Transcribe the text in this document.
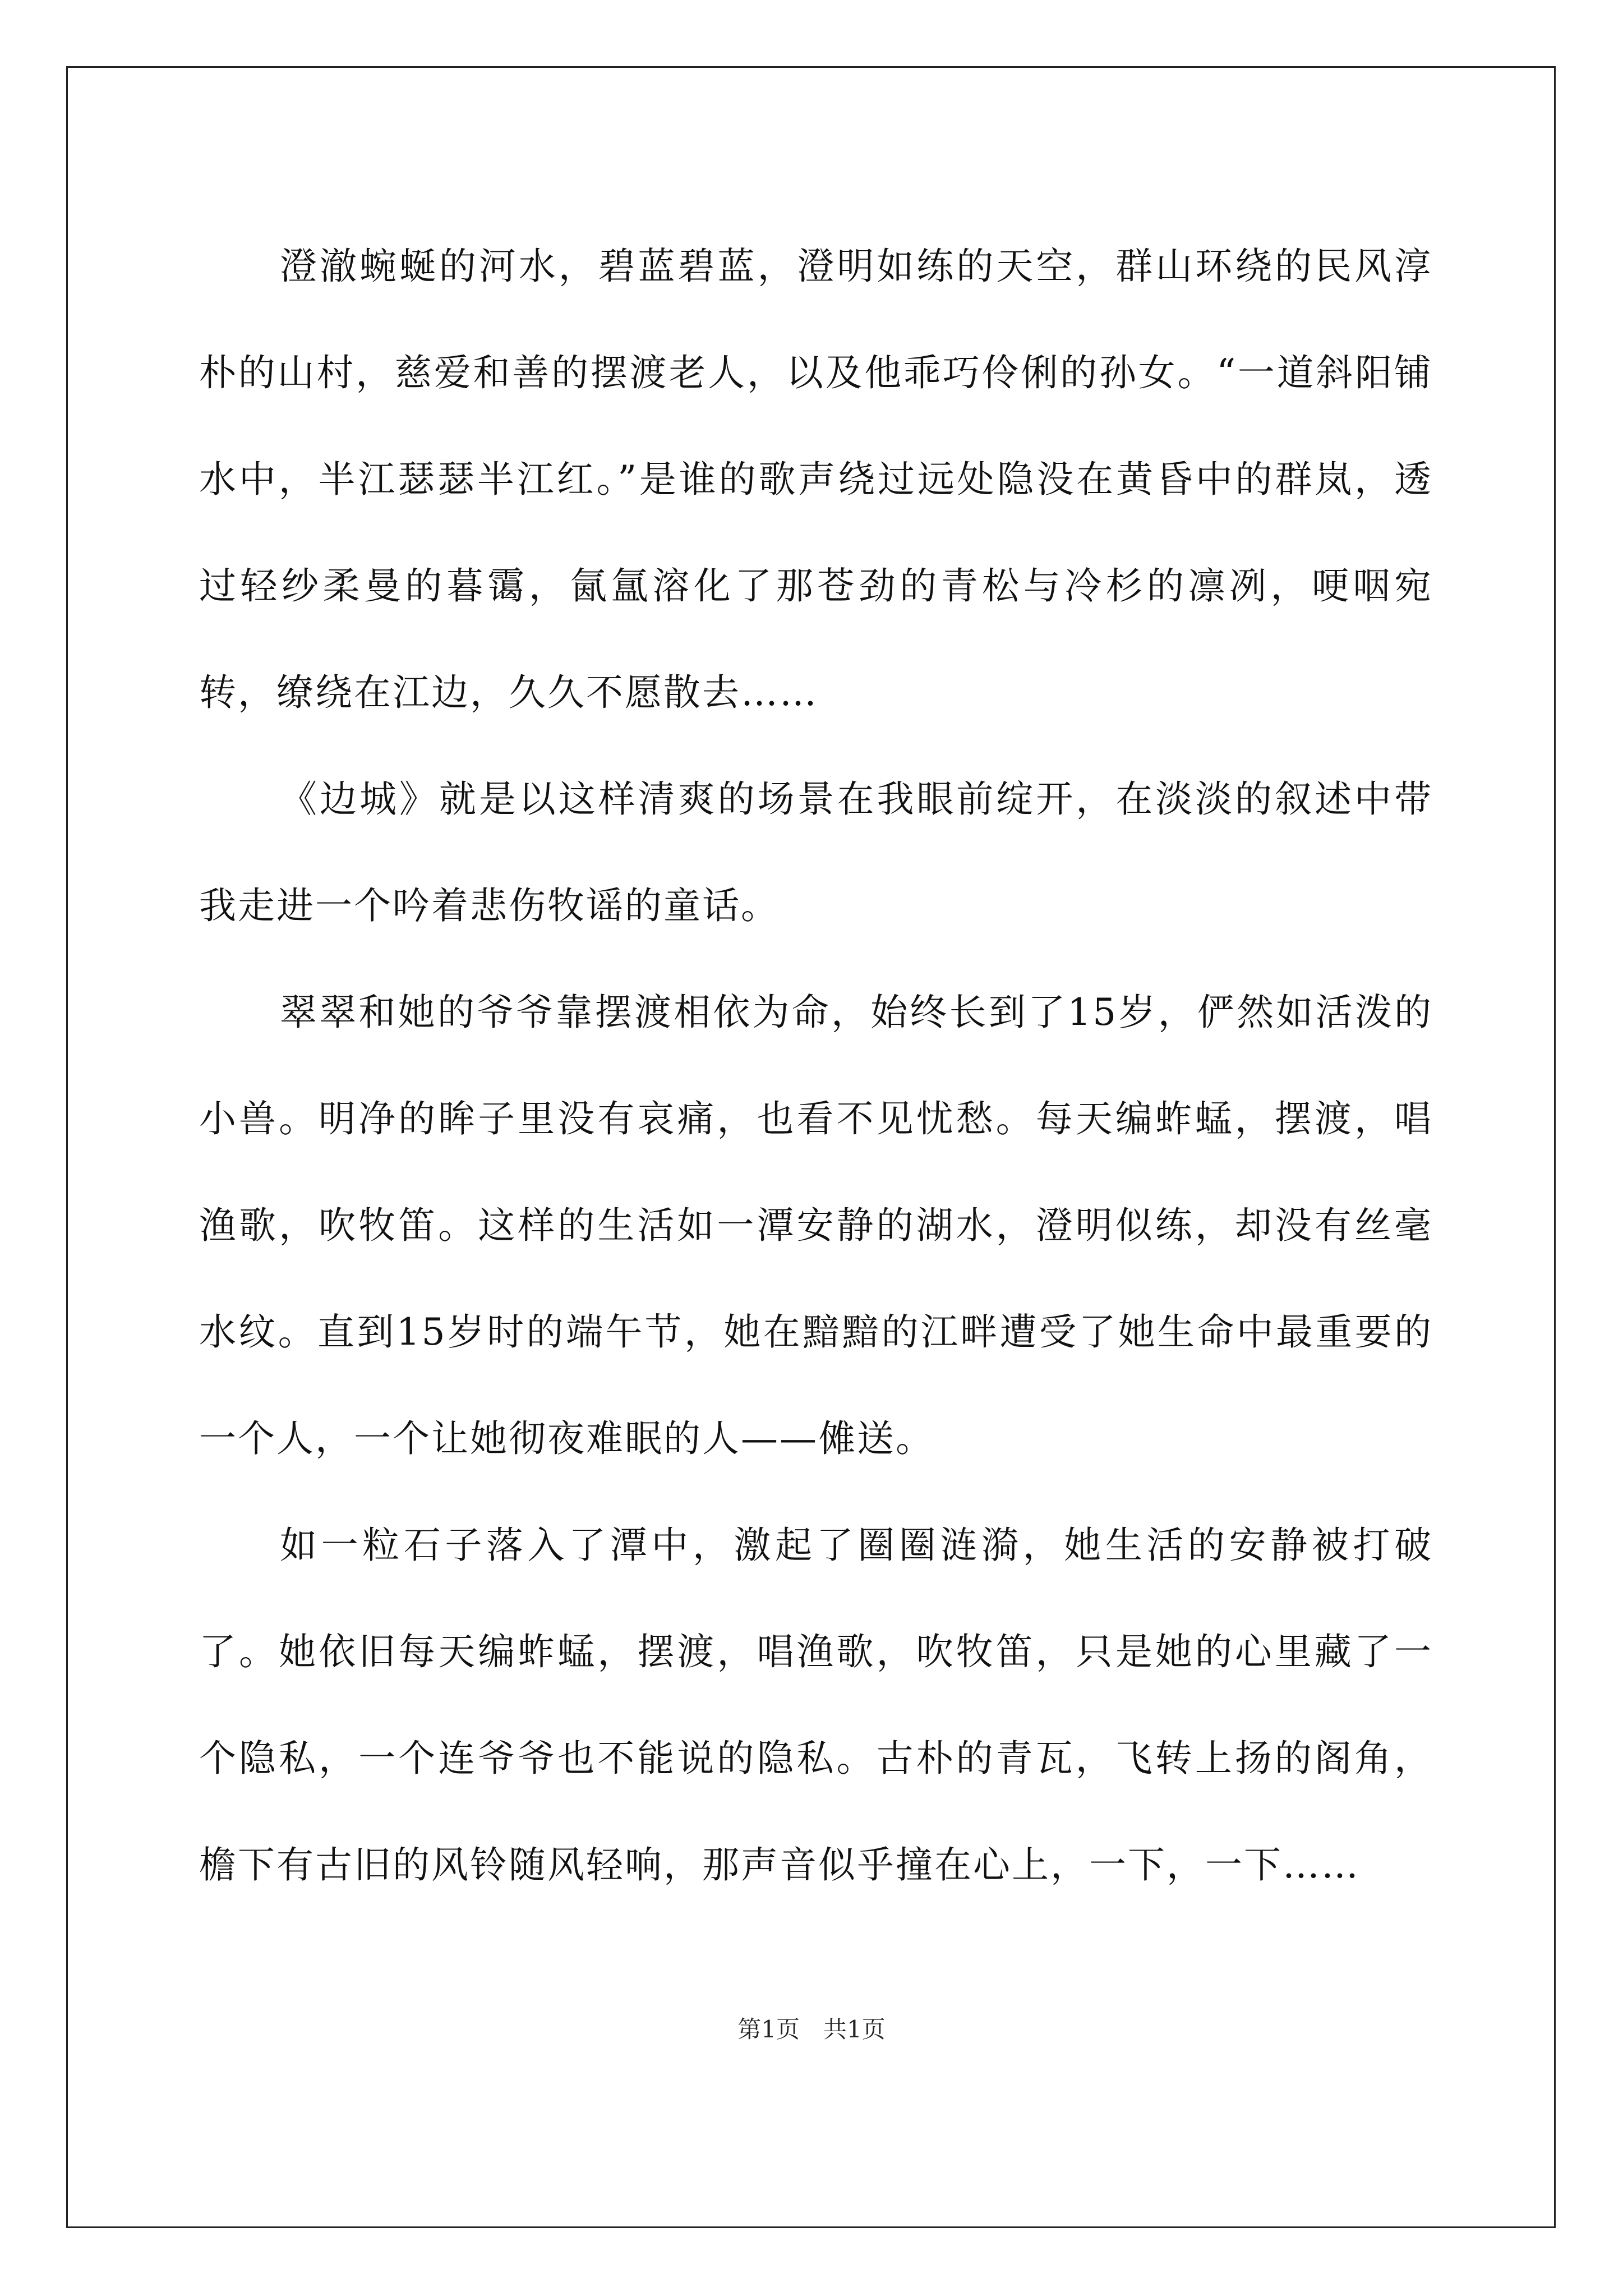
澄澈蜿蜒的河水，碧蓝碧蓝，澄明如练的天空，群山环绕的民风淳朴的山村，慈爱和善的摆渡老人，以及他乖巧伶俐的孙女。“一道斜阳铺水中，半江瑟瑟半江红。”是谁的歌声绕过远处隐没在黄昏中的群岚，透过轻纱柔曼的暮霭，氤氲溶化了那苍劲的青松与冷杉的凛冽，哽咽宛转，缭绕在江边，久久不愿散去……

《边城》就是以这样清爽的场景在我眼前绽开，在淡淡的叙述中带我走进一个吟着悲伤牧谣的童话。

翠翠和她的爷爷靠摆渡相依为命，始终长到了15岁，俨然如活泼的小兽。明净的眸子里没有哀痛，也看不见忧愁。每天编蚱蜢，摆渡，唱渔歌，吹牧笛。这样的生活如一潭安静的湖水，澄明似练，却没有丝毫水纹。直到15岁时的端午节，她在黯黯的江畔遭受了她生命中最重要的一个人，一个让她彻夜难眠的人——傩送。

如一粒石子落入了潭中，激起了圈圈涟漪，她生活的安静被打破了。她依旧每天编蚱蜢，摆渡，唱渔歌，吹牧笛，只是她的心里藏了一个隐私，一个连爷爷也不能说的隐私。古朴的青瓦，飞转上扬的阁角，檐下有古旧的风铃随风轻响，那声音似乎撞在心上，一下，一下……

第1页　共1页
